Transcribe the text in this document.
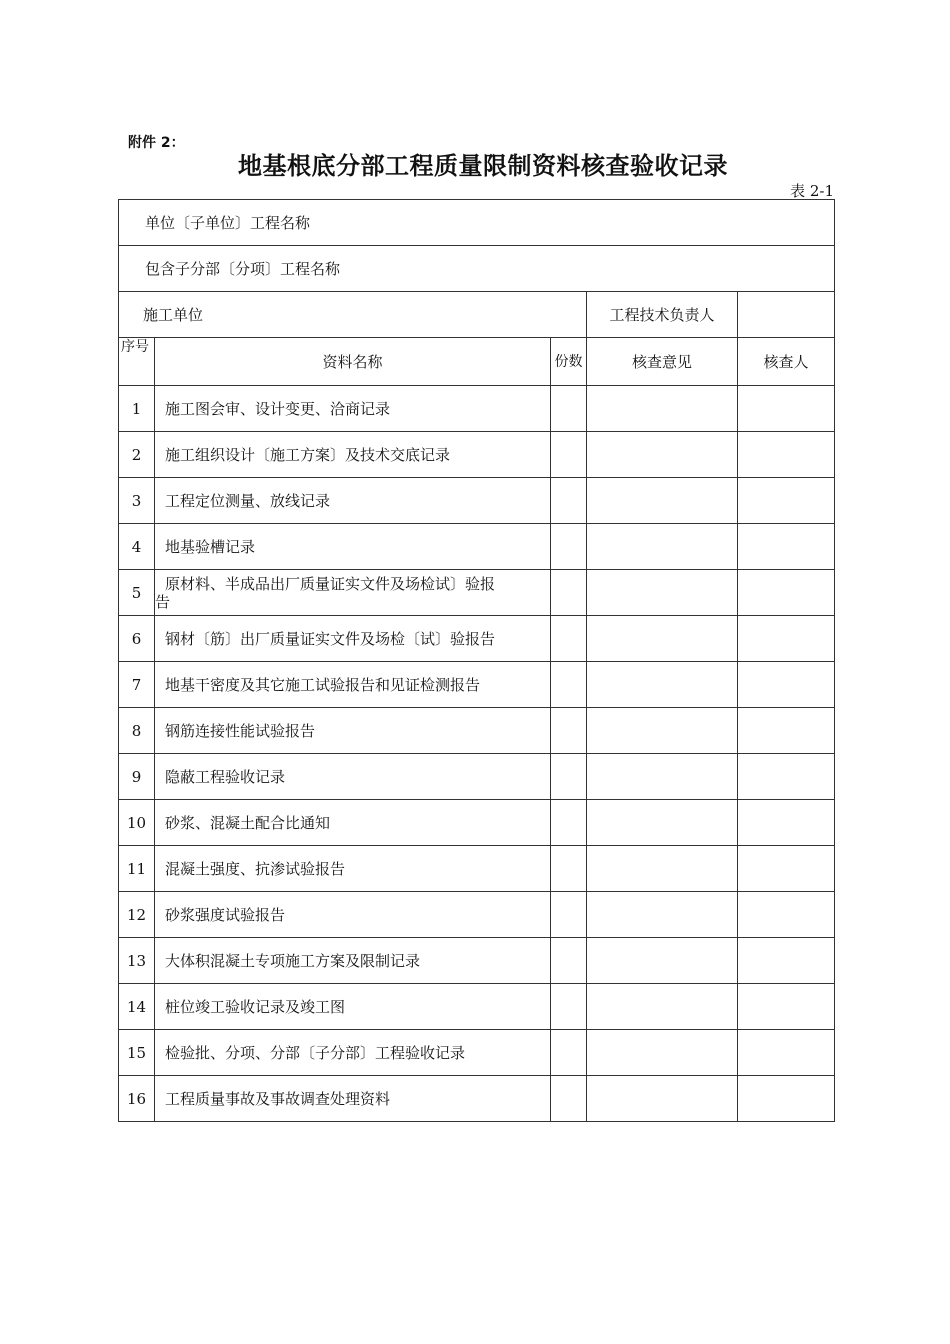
附件 2：
地基根底分部工程质量限制资料核查验收记录
表 2-1
单位〔子单位〕工程名称				
包含子分部〔分项〕工程名称				
施工单位			工程技术负责人	
序号	资料名称	份数	核查意见	核查人
1	施工图会审、设计变更、洽商记录			
2	施工组织设计〔施工方案〕及技术交底记录			
3	工程定位测量、放线记录			
4	地基验槽记录			
5	原材料、半成品出厂质量证实文件及场检试〕验报
告			
6	钢材〔筋〕出厂质量证实文件及场检〔试〕验报告			
7	地基干密度及其它施工试验报告和见证检测报告			
8	钢筋连接性能试验报告			
9	隐蔽工程验收记录			
10	砂浆、混凝土配合比通知			
11	混凝土强度、抗渗试验报告			
12	砂浆强度试验报告			
13	大体积混凝土专项施工方案及限制记录			
14	桩位竣工验收记录及竣工图			
15	检验批、分项、分部〔子分部〕工程验收记录			
16	工程质量事故及事故调查处理资料			
